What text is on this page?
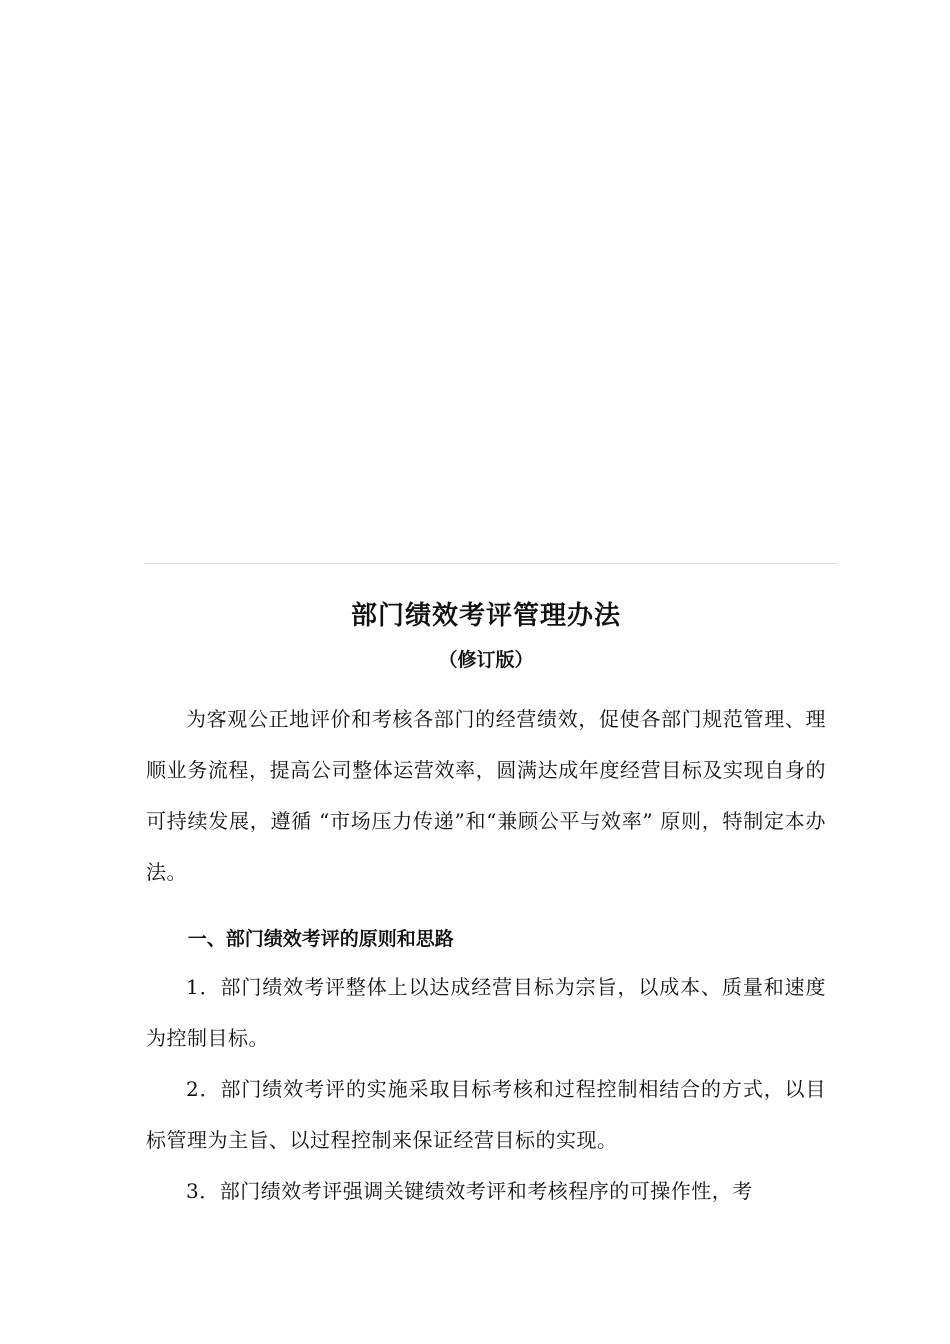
部门绩效考评管理办法
（修订版）

为客观公正地评价和考核各部门的经营绩效，促使各部门规范管理、理顺业务流程，提高公司整体运营效率，圆满达成年度经营目标及实现自身的可持续发展，遵循 “市场压力传递”和“兼顾公平与效率” 原则，特制定本办法。

一、部门绩效考评的原则和思路

1．部门绩效考评整体上以达成经营目标为宗旨，以成本、质量和速度为控制目标。

2．部门绩效考评的实施采取目标考核和过程控制相结合的方式，以目标管理为主旨、以过程控制来保证经营目标的实现。

3．部门绩效考评强调关键绩效考评和考核程序的可操作性，考
